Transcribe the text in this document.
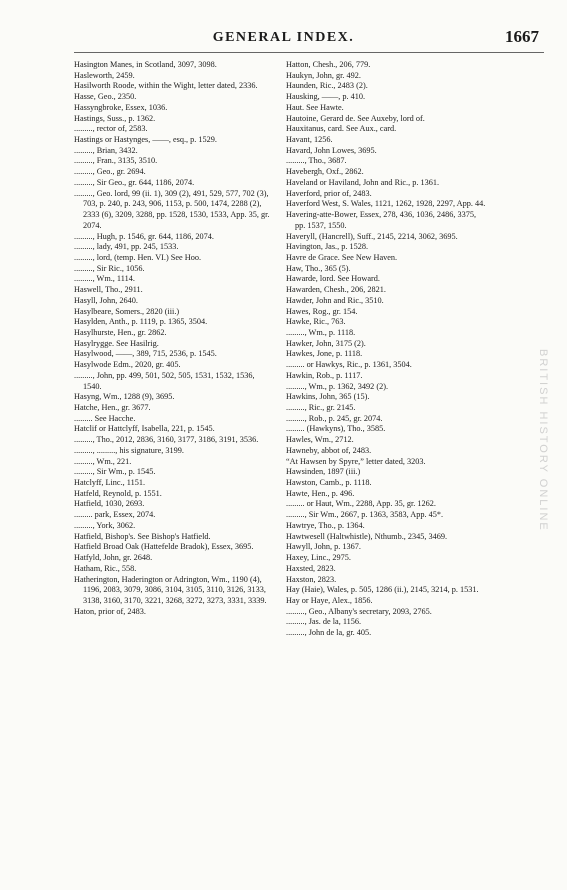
GENERAL INDEX.	1667

Hasington Manes, in Scotland, 3097, 3098.

Hasleworth, 2459.

Hasilworth Roode, within the Wight, letter dated, 2336.

Hasse, Geo., 2350.

Hassyngbroke, Essex, 1036.

Hastings, Suss., p. 1362.

........., rector of, 2583.

Hastings or Hastynges, ——, esq., p. 1529.

........., Brian, 3432.

........., Fran., 3135, 3510.

........., Geo., gr. 2694.

........., Sir Geo., gr. 644, 1186, 2074.

........., Geo. lord, 99 (ii. 1), 309 (2), 491, 529, 577, 702 (3), 703, p. 240, p. 243, 906, 1153, p. 500, 1474, 2288 (2), 2333 (6), 3209, 3288, pp. 1528, 1530, 1533, App. 35, gr. 2074.

........., Hugh, p. 1546, gr. 644, 1186, 2074.

........., lady, 491, pp. 245, 1533.

........., lord, (temp. Hen. VI.) See Hoo.

........., Sir Ric., 1056.

........., Wm., 1114.

Haswell, Tho., 2911.

Hasyll, John, 2640.

Hasylbeare, Somers., 2820 (iii.)

Hasylden, Anth., p. 1119, p. 1365, 3504.

Hasylhurste, Hen., gr. 2862.

Hasylrygge. See Hasilrig.

Hasylwood, ——, 389, 715, 2536, p. 1545.

Hasylwode Edm., 2020, gr. 405.

........., John, pp. 499, 501, 502, 505, 1531, 1532, 1536, 1540.

Hasyng, Wm., 1288 (9), 3695.

Hatche, Hen., gr. 3677.

......... See Hacche.

Hatclif or Hattclyff, Isabella, 221, p. 1545.

........., Tho., 2012, 2836, 3160, 3177, 3186, 3191, 3536.

........., ........., his signature, 3199.

........., Wm., 221.

........., Sir Wm., p. 1545.

Hatclyff, Linc., 1151.

Hatfeld, Reynold, p. 1551.

Hatfield, 1030, 2693.

......... park, Essex, 2074.

........., York, 3062.

Hatfield, Bishop's. See Bishop's Hatfield.

Hatfield Broad Oak (Hattefelde Bradok), Essex, 3695.

Hatfyld, John, gr. 2648.

Hatham, Ric., 558.

Hatherington, Haderington or Adrington, Wm., 1190 (4), 1196, 2083, 3079, 3086, 3104, 3105, 3110, 3126, 3133, 3138, 3160, 3170, 3221, 3268, 3272, 3273, 3331, 3339.

Haton, prior of, 2483.

Hatton, Chesh., 206, 779.

Haukyn, John, gr. 492.

Haunden, Ric., 2483 (2).

Hausking, ——, p. 410.

Haut. See Hawte.

Hautoine, Gerard de. See Auxeby, lord of.

Hauxitanus, card. See Aux., card.

Havant, 1256.

Havard, John Lowes, 3695.

........., Tho., 3687.

Havebergh, Oxf., 2862.

Haveland or Haviland, John and Ric., p. 1361.

Haverford, prior of, 2483.

Haverford West, S. Wales, 1121, 1262, 1928, 2297, App. 44.

Havering-atte-Bower, Essex, 278, 436, 1036, 2486, 3375, pp. 1537, 1550.

Haveryll, (Hancrell), Suff., 2145, 2214, 3062, 3695.

Havington, Jas., p. 1528.

Havre de Grace. See New Haven.

Haw, Tho., 365 (5).

Hawarde, lord. See Howard.

Hawarden, Chesh., 206, 2821.

Hawder, John and Ric., 3510.

Hawes, Rog., gr. 154.

Hawke, Ric., 763.

........., Wm., p. 1118.

Hawker, John, 3175 (2).

Hawkes, Jone, p. 1118.

......... or Hawkys, Ric., p. 1361, 3504.

Hawkin, Rob., p. 1117.

........., Wm., p. 1362, 3492 (2).

Hawkins, John, 365 (15).

........., Ric., gr. 2145.

........., Rob., p. 245, gr. 2074.

......... (Hawkyns), Tho., 3585.

Hawles, Wm., 2712.

Hawneby, abbot of, 2483.

“At Hawsen by Spyre,” letter dated, 3203.

Hawsinden, 1897 (iii.)

Hawston, Camb., p. 1118.

Hawte, Hen., p. 496.

......... or Haut, Wm., 2288, App. 35, gr. 1262.

........., Sir Wm., 2667, p. 1363, 3583, App. 45*.

Hawtrye, Tho., p. 1364.

Hawtwesell (Haltwhistle), Nthumb., 2345, 3469.

Hawyll, John, p. 1367.

Haxey, Linc., 2975.

Haxsted, 2823.

Haxston, 2823.

Hay (Haie), Wales, p. 505, 1286 (ii.), 2145, 3214, p. 1531.

Hay or Haye, Alex., 1856.

........., Geo., Albany's secretary, 2093, 2765.

........., Jas. de la, 1156.

........., John de la, gr. 405.

BRITISH HISTORY ONLINE
